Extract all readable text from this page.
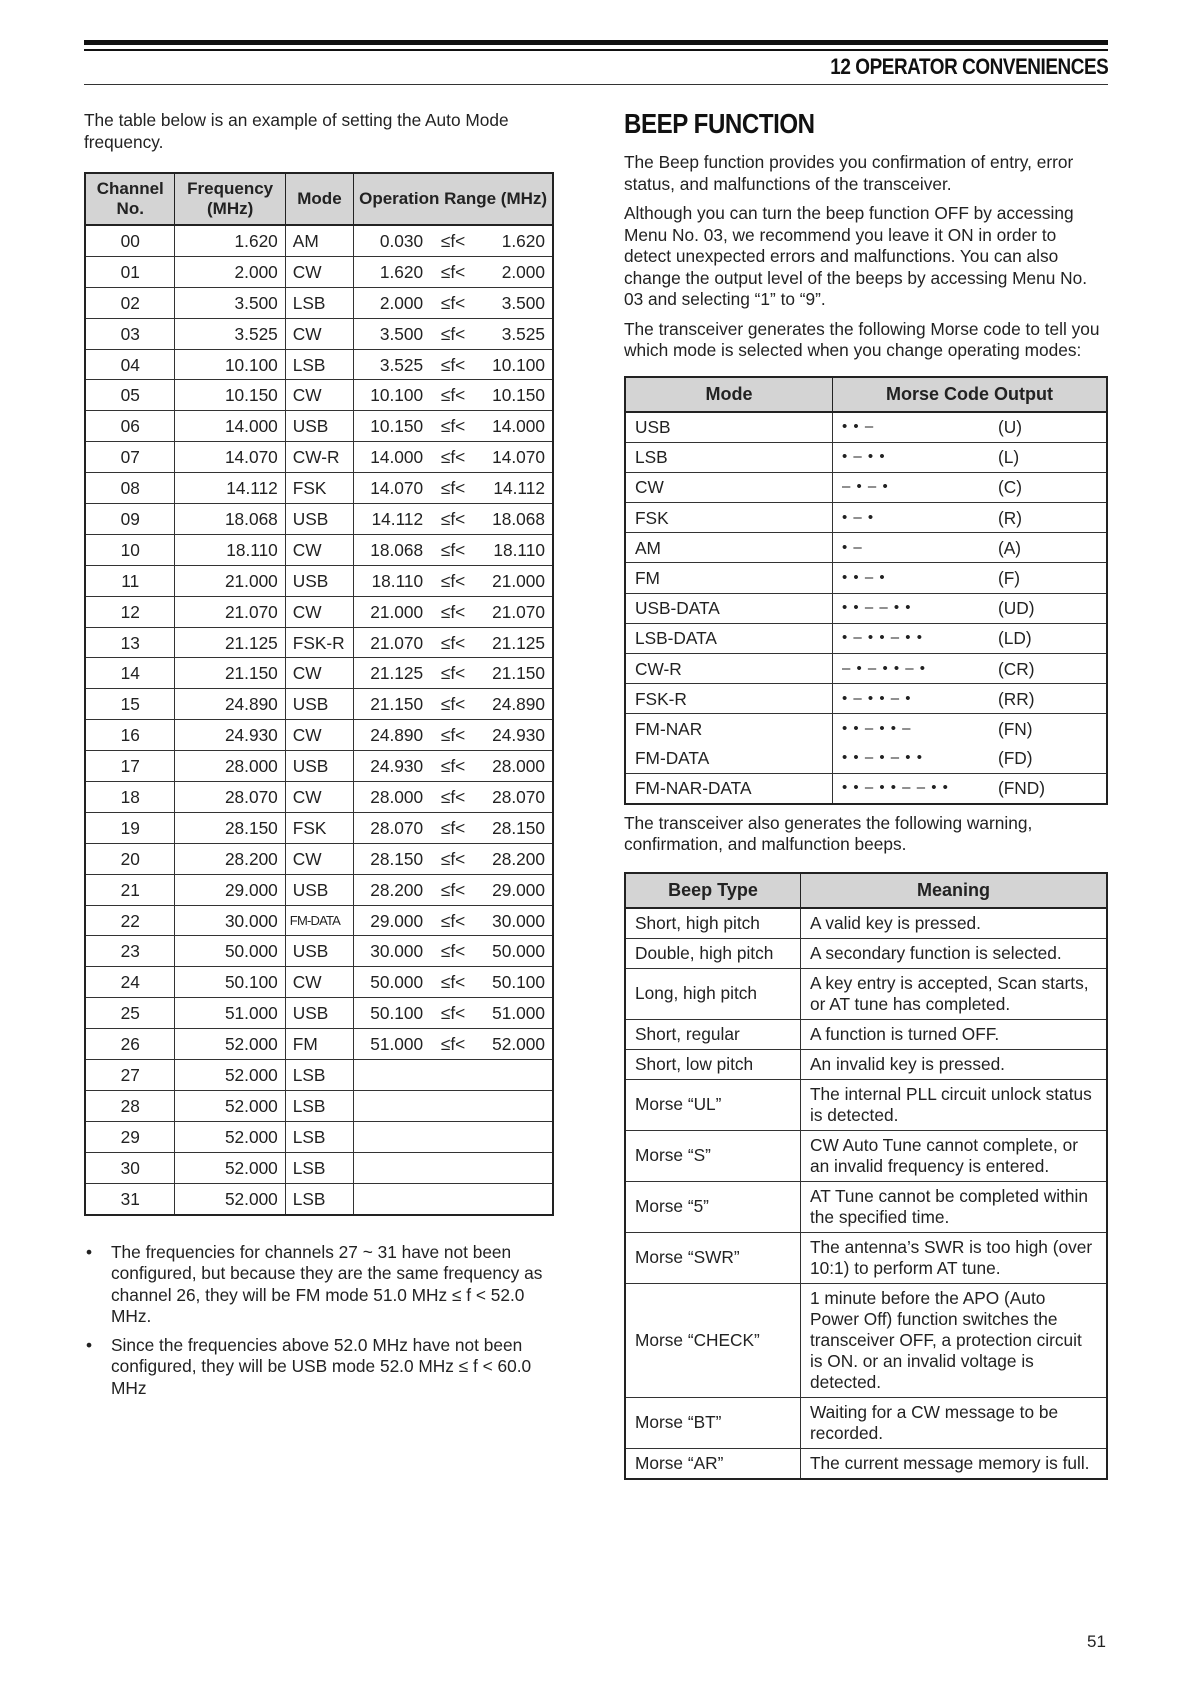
12 OPERATOR CONVENIENCES

The table below is an example of setting the Auto Mode frequency.

Channel No.	Frequency (MHz)	Mode	Operation Range (MHz)
00	1.620	AM	0.030 ≤f< 1.620

01	2.000	CW	1.620 ≤f< 2.000

02	3.500	LSB	2.000 ≤f< 3.500

03	3.525	CW	3.500 ≤f< 3.525

04	10.100	LSB	3.525 ≤f< 10.100

05	10.150	CW	10.100 ≤f< 10.150

06	14.000	USB	10.150 ≤f< 14.000

07	14.070	CW-R	14.000 ≤f< 14.070

08	14.112	FSK	14.070 ≤f< 14.112

09	18.068	USB	14.112 ≤f< 18.068

10	18.110	CW	18.068 ≤f< 18.110

11	21.000	USB	18.110 ≤f< 21.000

12	21.070	CW	21.000 ≤f< 21.070

13	21.125	FSK-R	21.070 ≤f< 21.125

14	21.150	CW	21.125 ≤f< 21.150

15	24.890	USB	21.150 ≤f< 24.890

16	24.930	CW	24.890 ≤f< 24.930

17	28.000	USB	24.930 ≤f< 28.000

18	28.070	CW	28.000 ≤f< 28.070

19	28.150	FSK	28.070 ≤f< 28.150

20	28.200	CW	28.150 ≤f< 28.200

21	29.000	USB	28.200 ≤f< 29.000

22	30.000	FM-DATA	29.000 ≤f< 30.000

23	50.000	USB	30.000 ≤f< 50.000

24	50.100	CW	50.000 ≤f< 50.100

25	51.000	USB	50.100 ≤f< 51.000

26	52.000	FM	51.000 ≤f< 52.000

27	52.000	LSB	

28	52.000	LSB	

29	52.000	LSB	

30	52.000	LSB	

31	52.000	LSB	
• The frequencies for channels 27 ~ 31 have not been configured, but because they are the same frequency as channel 26, they will be FM mode 51.0 MHz ≤ f < 52.0 MHz.
• Since the frequencies above 52.0 MHz have not been configured, they will be USB mode 52.0 MHz ≤ f < 60.0 MHz
BEEP FUNCTION

The Beep function provides you confirmation of entry, error status, and malfunctions of the transceiver.

Although you can turn the beep function OFF by accessing Menu No. 03, we recommend you leave it ON in order to detect unexpected errors and malfunctions. You can also change the output level of the beeps by accessing Menu No. 03 and selecting “1” to “9”.

The transceiver generates the following Morse code to tell you which mode is selected when you change operating modes:

Mode	Morse Code Output
USB	• • – (U)

LSB	• – • • (L)

CW	– • – • (C)

FSK	• – • (R)

AM	• – (A)

FM	• • – • (F)

USB-DATA	• • – – • • (UD)

LSB-DATA	• – • • – • • (LD)

CW-R	– • – • • – • (CR)

FSK-R	• – • • – • (RR)

FM-NAR	• • – • • – (FN)

FM-DATA	• • – • – • • (FD)

FM-NAR-DATA	• • – • • – – • • (FND)

The transceiver also generates the following warning, confirmation, and malfunction beeps.

Beep Type	Meaning
Short, high pitch	A valid key is pressed.
Double, high pitch	A secondary function is selected.
Long, high pitch	A key entry is accepted, Scan starts, or AT tune has completed.
Short, regular	A function is turned OFF.
Short, low pitch	An invalid key is pressed.
Morse “UL”	The internal PLL circuit unlock status is detected.
Morse “S”	CW Auto Tune cannot complete, or an invalid frequency is entered.
Morse “5”	AT Tune cannot be completed within the specified time.
Morse “SWR”	The antenna’s SWR is too high (over 10:1) to perform AT tune.
Morse “CHECK”	1 minute before the APO (Auto Power Off) function switches the transceiver OFF, a protection circuit is ON. or an invalid voltage is detected.
Morse “BT”	Waiting for a CW message to be recorded.
Morse “AR”	The current message memory is full.
51
